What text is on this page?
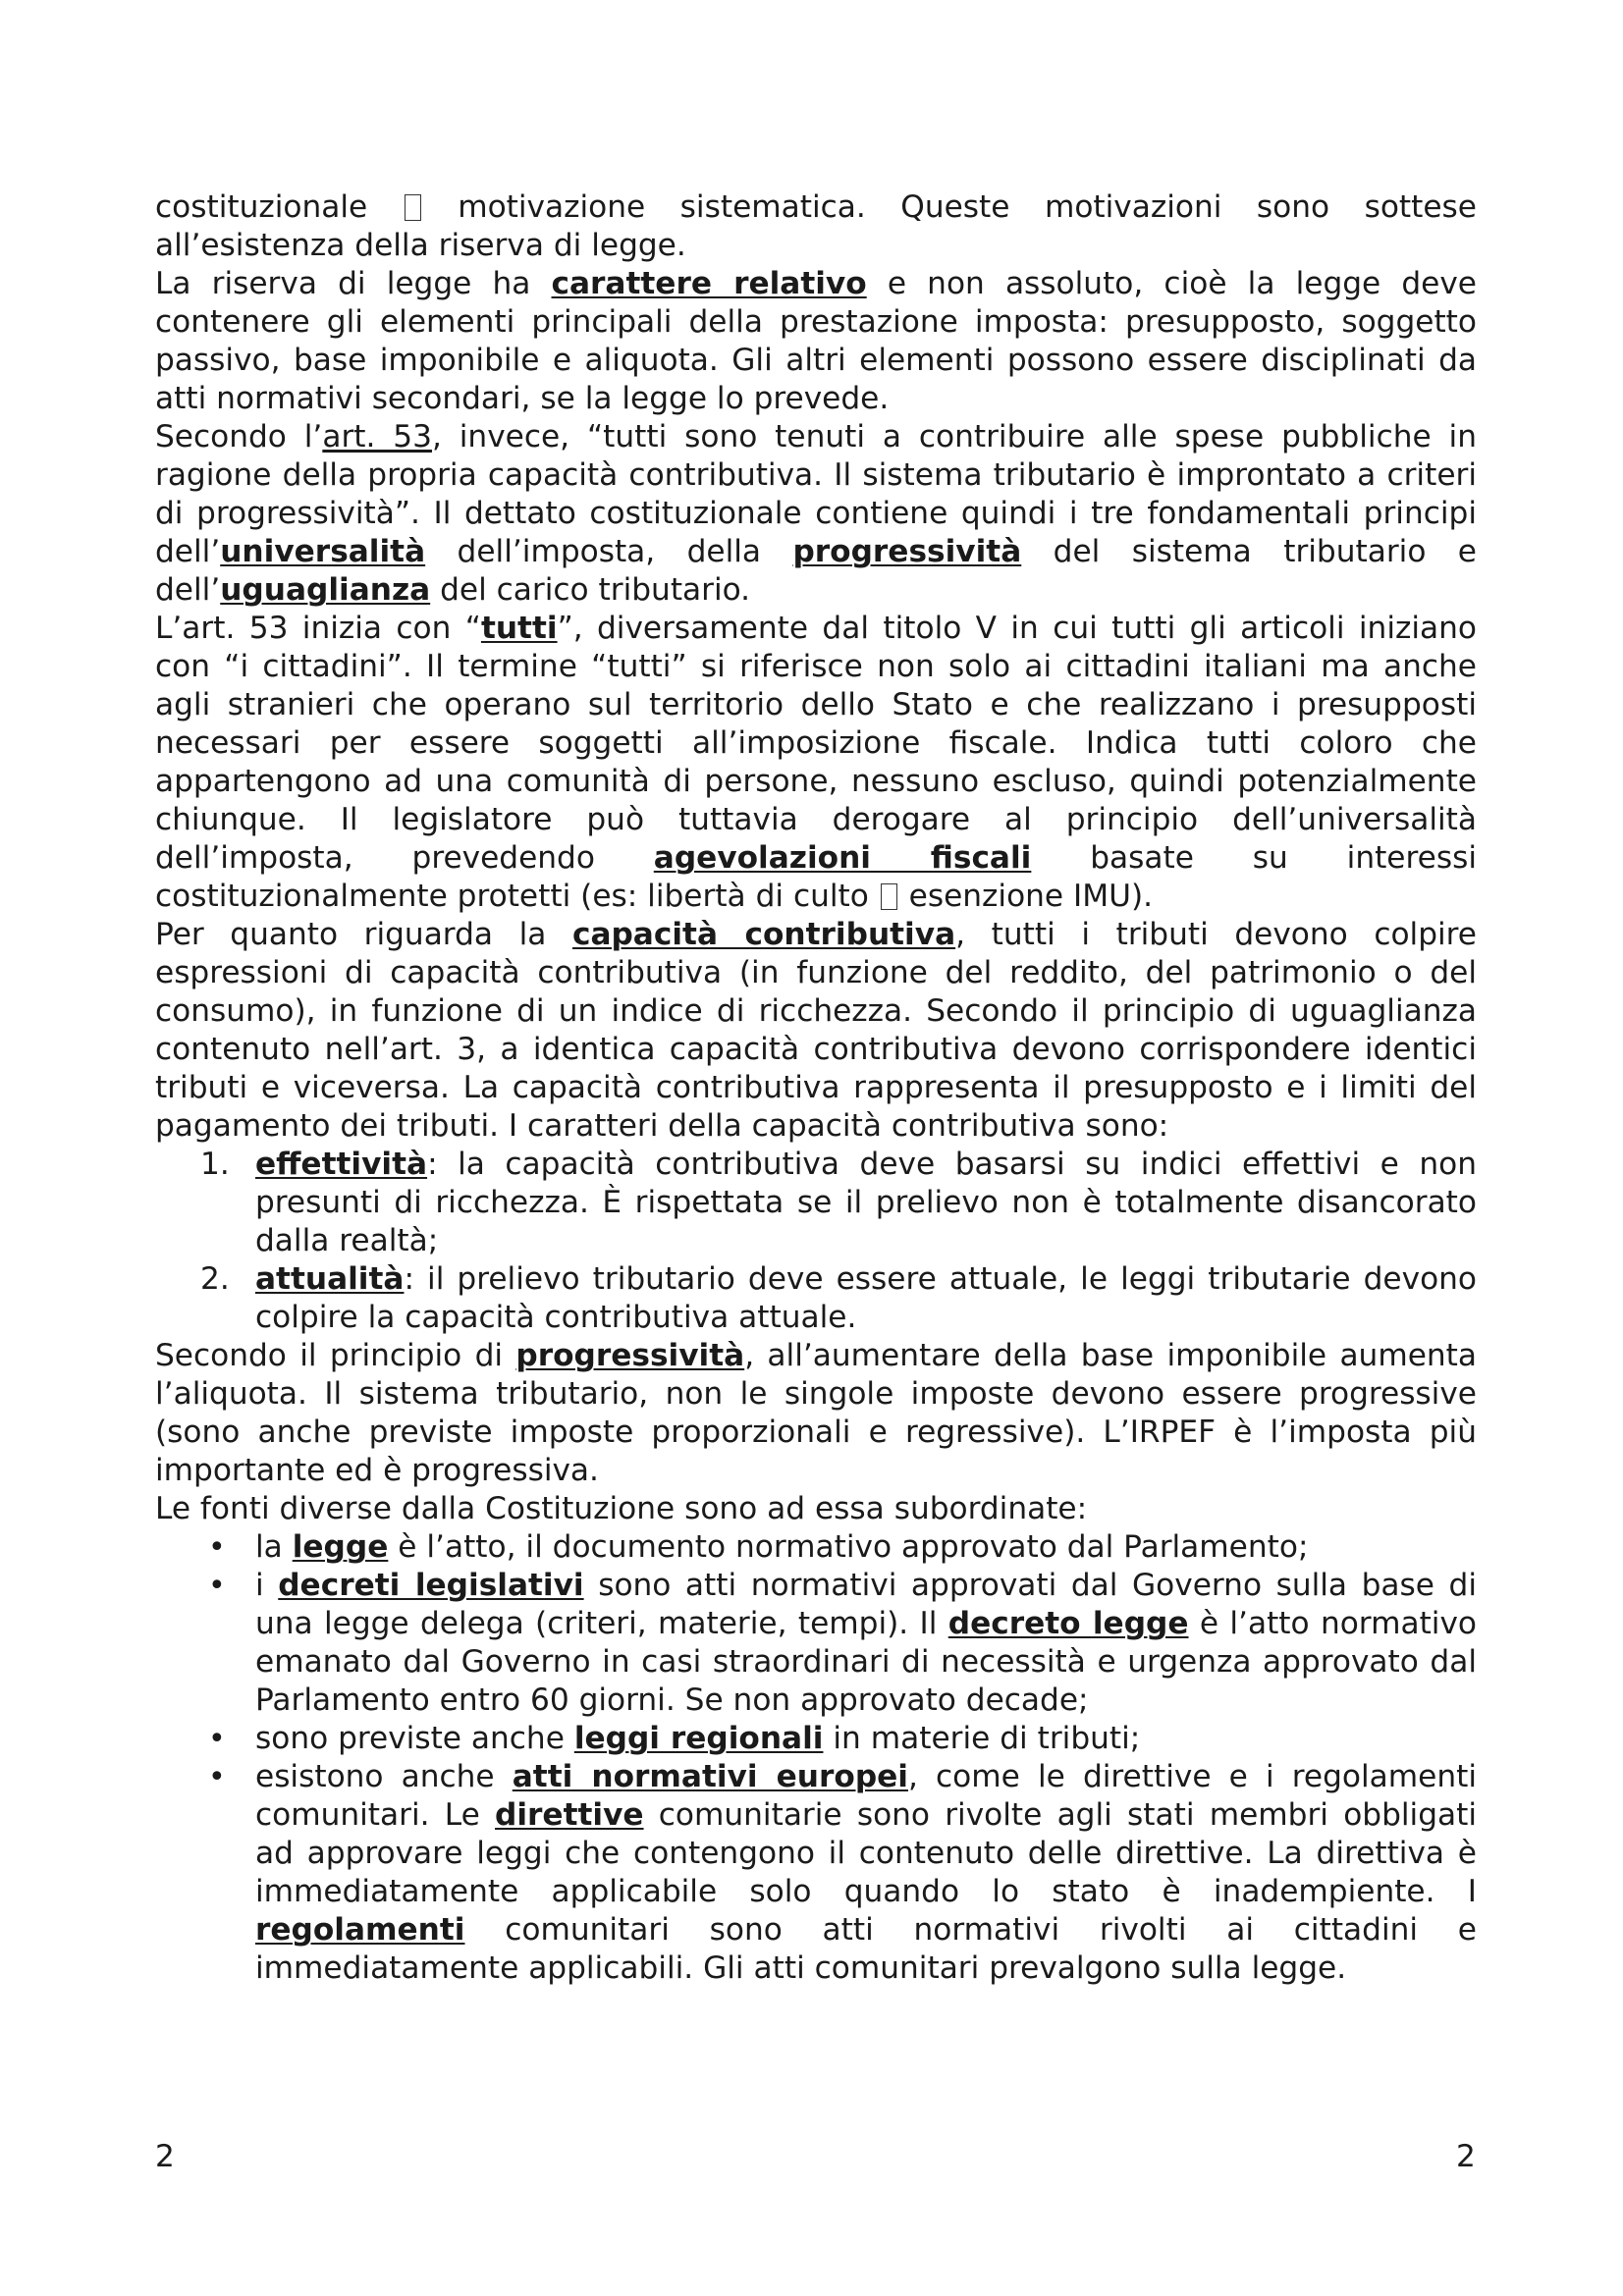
costituzionale  motivazione sistematica. Queste motivazioni sono sottese all’esistenza della riserva di legge.

La riserva di legge ha carattere relativo e non assoluto, cioè la legge deve contenere gli elementi principali della prestazione imposta: presupposto, soggetto passivo, base imponibile e aliquota. Gli altri elementi possono essere disciplinati da atti normativi secondari, se la legge lo prevede.

Secondo l’art. 53, invece, “tutti sono tenuti a contribuire alle spese pubbliche in ragione della propria capacità contributiva. Il sistema tributario è improntato a criteri di progressività”. Il dettato costituzionale contiene quindi i tre fondamentali principi dell’universalità dell’imposta, della progressività del sistema tributario e dell’uguaglianza del carico tributario.

L’art. 53 inizia con “tutti”, diversamente dal titolo V in cui tutti gli articoli iniziano con “i cittadini”. Il termine “tutti” si riferisce non solo ai cittadini italiani ma anche agli stranieri che operano sul territorio dello Stato e che realizzano i presupposti necessari per essere soggetti all’imposizione fiscale. Indica tutti coloro che appartengono ad una comunità di persone, nessuno escluso, quindi potenzialmente chiunque. Il legislatore può tuttavia derogare al principio dell’universalità dell’imposta, prevedendo agevolazioni fiscali basate su interessi costituzionalmente protetti (es: libertà di culto  esenzione IMU).

Per quanto riguarda la capacità contributiva, tutti i tributi devono colpire espressioni di capacità contributiva (in funzione del reddito, del patrimonio o del consumo), in funzione di un indice di ricchezza. Secondo il principio di uguaglianza contenuto nell’art. 3, a identica capacità contributiva devono corrispondere identici tributi e viceversa. La capacità contributiva rappresenta il presupposto e i limiti del pagamento dei tributi. I caratteri della capacità contributiva sono:

1. effettività: la capacità contributiva deve basarsi su indici effettivi e non presunti di ricchezza. È rispettata se il prelievo non è totalmente disancorato dalla realtà;
2. attualità: il prelievo tributario deve essere attuale, le leggi tributarie devono colpire la capacità contributiva attuale.

Secondo il principio di progressività, all’aumentare della base imponibile aumenta l’aliquota. Il sistema tributario, non le singole imposte devono essere progressive (sono anche previste imposte proporzionali e regressive). L’IRPEF è l’imposta più importante ed è progressiva.

Le fonti diverse dalla Costituzione sono ad essa subordinate:

• la legge è l’atto, il documento normativo approvato dal Parlamento;
• i decreti legislativi sono atti normativi approvati dal Governo sulla base di una legge delega (criteri, materie, tempi). Il decreto legge è l’atto normativo emanato dal Governo in casi straordinari di necessità e urgenza approvato dal Parlamento entro 60 giorni. Se non approvato decade;
• sono previste anche leggi regionali in materie di tributi;
• esistono anche atti normativi europei, come le direttive e i regolamenti comunitari. Le direttive comunitarie sono rivolte agli stati membri obbligati ad approvare leggi che contengono il contenuto delle direttive. La direttiva è immediatamente applicabile solo quando lo stato è inadempiente. I regolamenti comunitari sono atti normativi rivolti ai cittadini e immediatamente applicabili. Gli atti comunitari prevalgono sulla legge.
2	2
